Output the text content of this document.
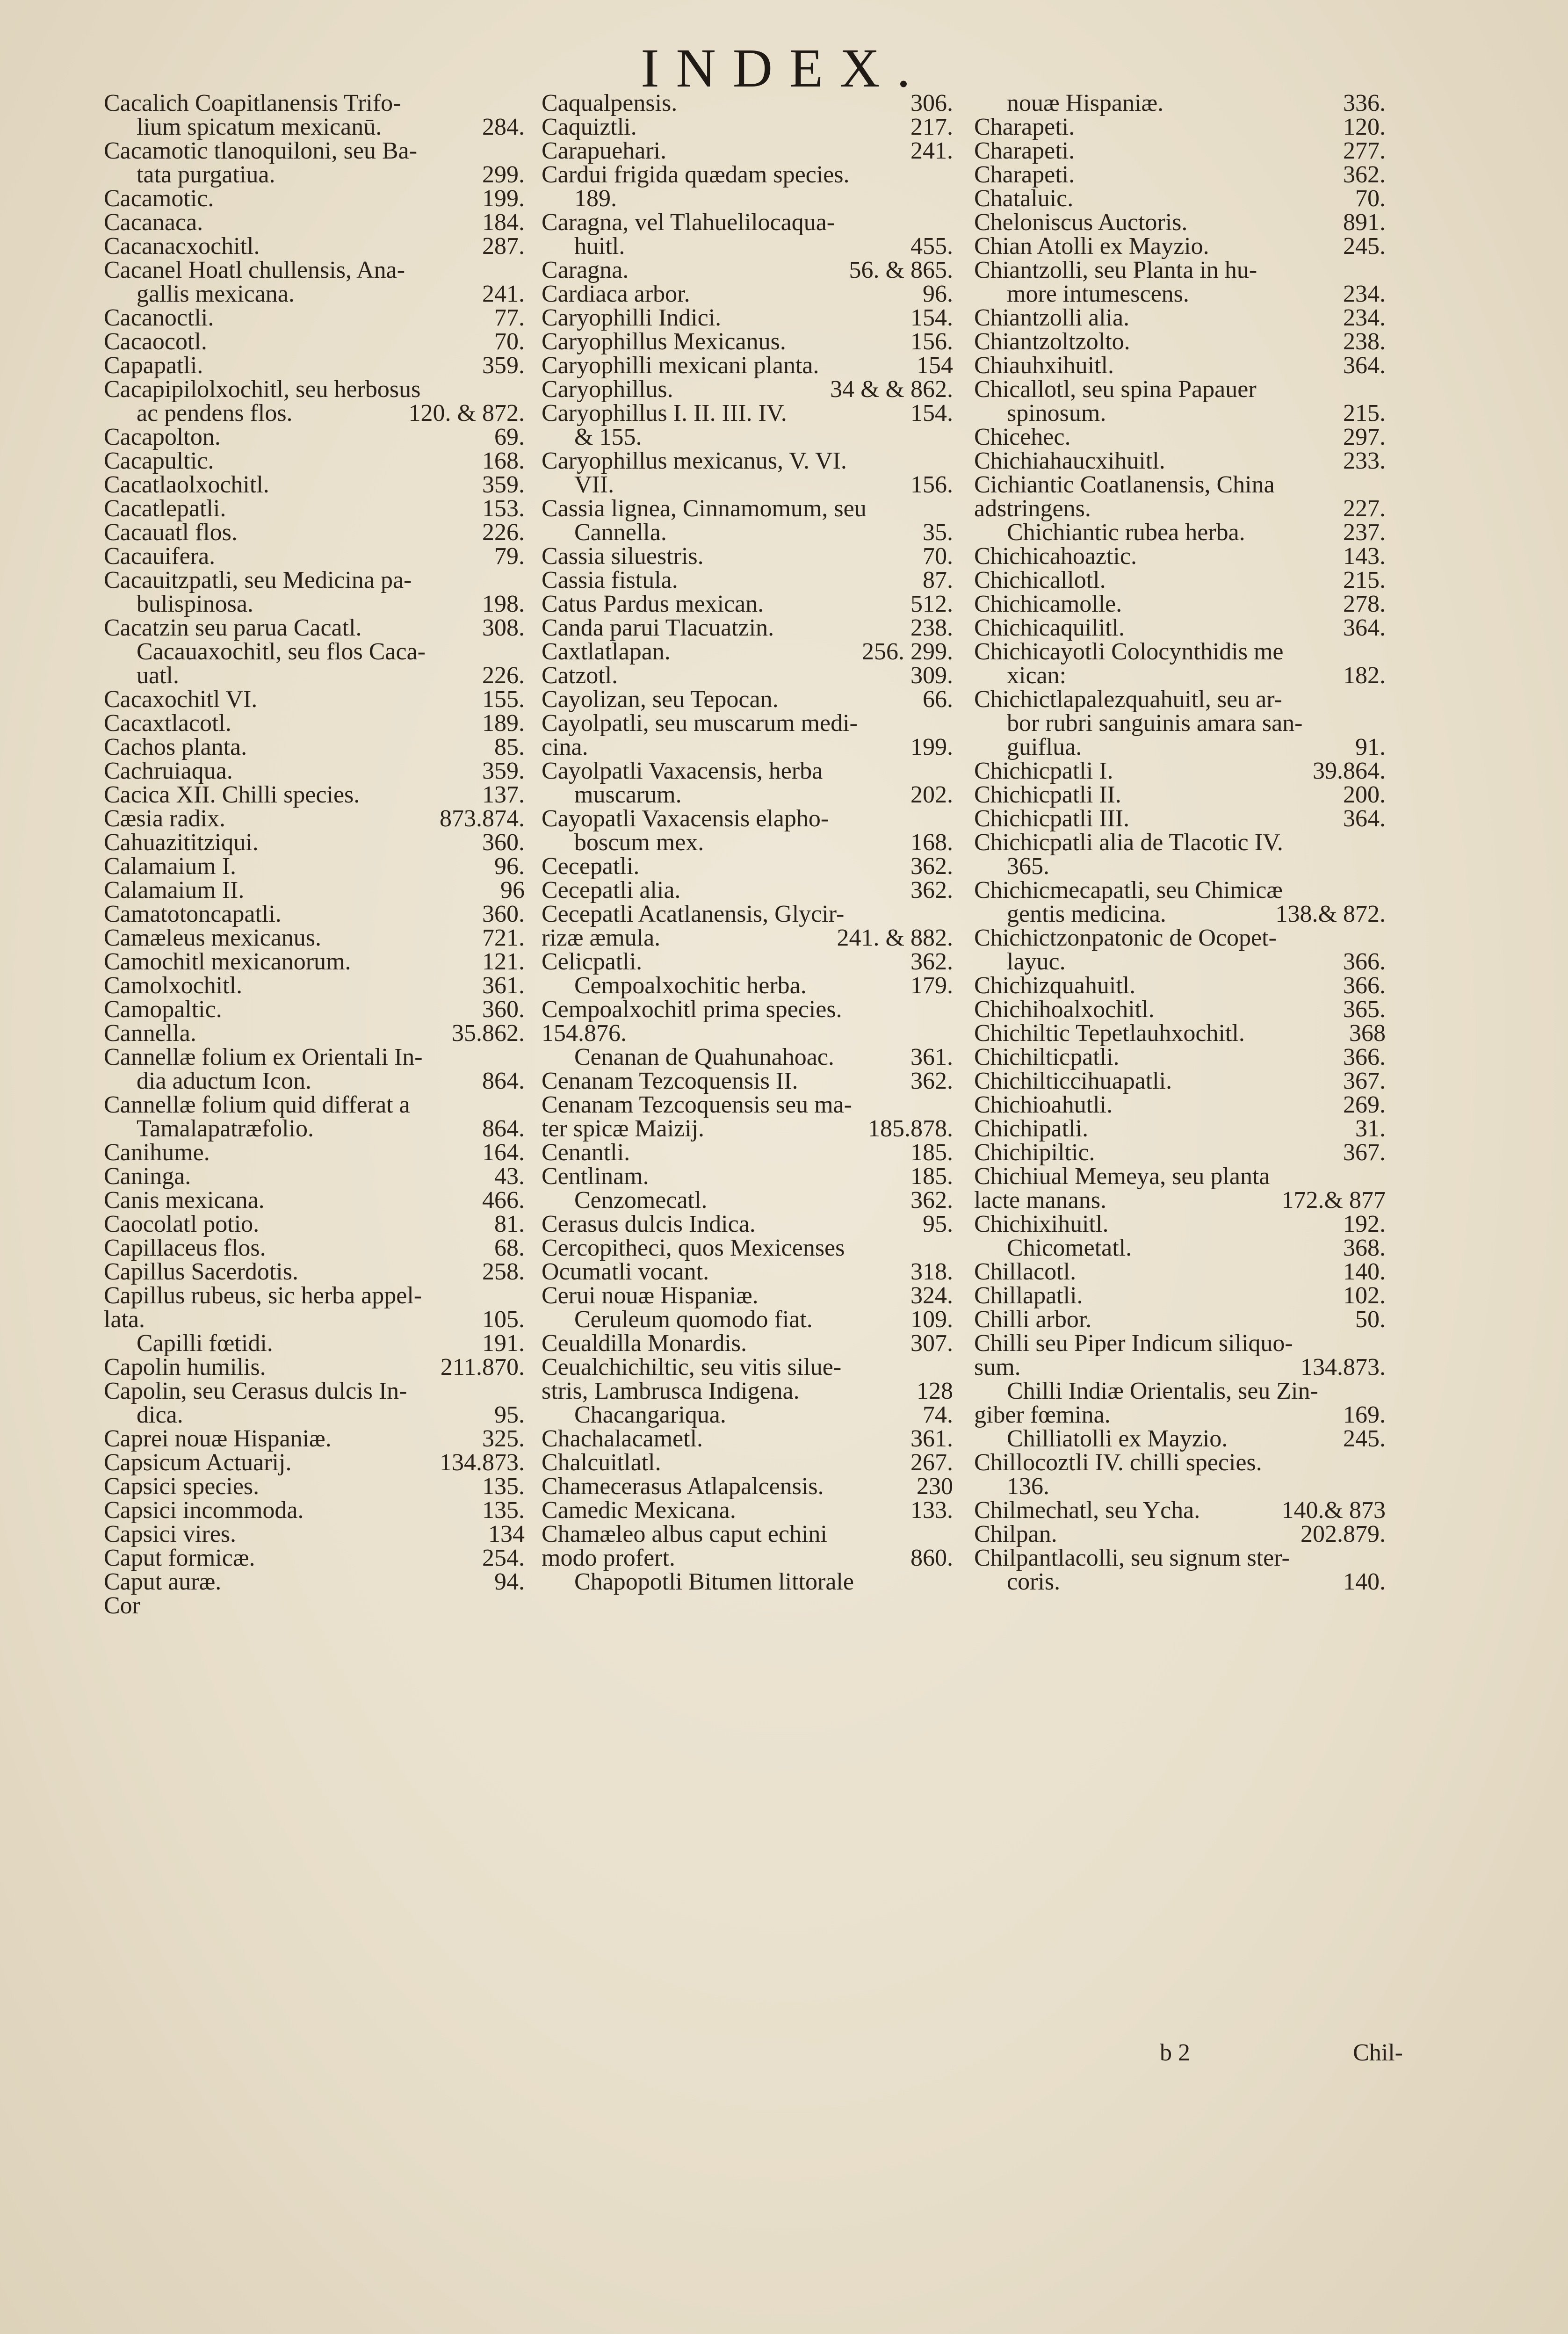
INDEX.
Cacalich Coapitlanensis Trifo-
lium spicatum mexicanū.	284.
Cacamotic tlanoquiloni, seu Ba-
tata purgatiua.	299.
Cacamotic.	199.
Cacanaca.	184.
Cacanacxochitl.	287.
Cacanel Hoatl chullensis, Ana-
gallis mexicana.	241.
Cacanoctli.	77.
Cacaocotl.	70.
Capapatli.	359.
Cacapipilolxochitl, seu herbosus
ac pendens flos.	120. & 872.
Cacapolton.	69.
Cacapultic.	168.
Cacatlaolxochitl.	359.
Cacatlepatli.	153.
Cacauatl flos.	226.
Cacauifera.	79.
Cacauitzpatli, seu Medicina pa-
bulispinosa.	198.
Cacatzin seu parua Cacatl.	308.
Cacauaxochitl, seu flos Caca-
uatl.	226.
Cacaxochitl VI.	155.
Cacaxtlacotl.	189.
Cachos planta.	85.
Cachruiaqua.	359.
Cacica XII. Chilli species.	137.
Cæsia radix.	873.874.
Cahuazititziqui.	360.
Calamaium I.	96.
Calamaium II.	96
Camatotoncapatli.	360.
Camæleus mexicanus.	721.
Camochitl mexicanorum.	121.
Camolxochitl.	361.
Camopaltic.	360.
Cannella.	35.862.
Cannellæ folium ex Orientali In-
dia aductum Icon.	864.
Cannellæ folium quid differat a
Tamalapatræfolio.	864.
Canihume.	164.
Caninga.	43.
Canis mexicana.	466.
Caocolatl potio.	81.
Capillaceus flos.	68.
Capillus Sacerdotis.	258.
Capillus rubeus, sic herba appel-
lata.	105.
Capilli fœtidi.	191.
Capolin humilis.	211.870.
Capolin, seu Cerasus dulcis In-
dica.	95.
Caprei nouæ Hispaniæ.	325.
Capsicum Actuarij.	134.873.
Capsici species.	135.
Capsici incommoda.	135.
Capsici vires.	134
Caput formicæ.	254.
Caput auræ.	94.
Cor
Caqualpensis.	306.
Caquiztli.	217.
Carapuehari.	241.
Cardui frigida quædam species.
189.
Caragna, vel Tlahuelilocaqua-
huitl.	455.
Caragna.	56. & 865.
Cardiaca arbor.	96.
Caryophilli Indici.	154.
Caryophillus Mexicanus.	156.
Caryophilli mexicani planta.	154
Caryophillus.	34 & & 862.
Caryophillus I. II. III. IV.	154.
& 155.
Caryophillus mexicanus, V. VI.
VII.	156.
Cassia lignea, Cinnamomum, seu
Cannella.	35.
Cassia siluestris.	70.
Cassia fistula.	87.
Catus Pardus mexican.	512.
Canda parui Tlacuatzin.	238.
Caxtlatlapan.	256. 299.
Catzotl.	309.
Cayolizan, seu Tepocan.	66.
Cayolpatli, seu muscarum medi-
cina.	199.
Cayolpatli Vaxacensis, herba
muscarum.	202.
Cayopatli Vaxacensis elapho-
boscum mex.	168.
Cecepatli.	362.
Cecepatli alia.	362.
Cecepatli Acatlanensis, Glycir-
rizæ æmula.	241. & 882.
Celicpatli.	362.
Cempoalxochitic herba.	179.
Cempoalxochitl prima species.
154.876.
Cenanan de Quahunahoac.	361.
Cenanam Tezcoquensis II.	362.
Cenanam Tezcoquensis seu ma-
ter spicæ Maizij.	185.878.
Cenantli.	185.
Centlinam.	185.
Cenzomecatl.	362.
Cerasus dulcis Indica.	95.
Cercopitheci, quos Mexicenses
Ocumatli vocant.	318.
Cerui nouæ Hispaniæ.	324.
Ceruleum quomodo fiat.	109.
Ceualdilla Monardis.	307.
Ceualchichiltic, seu vitis silue-
stris, Lambrusca Indigena.	128
Chacangariqua.	74.
Chachalacametl.	361.
Chalcuitlatl.	267.
Chamecerasus Atlapalcensis.	230
Camedic Mexicana.	133.
Chamæleo albus caput echini
modo profert.	860.
Chapopotli Bitumen littorale
nouæ Hispaniæ.	336.
Charapeti.	120.
Charapeti.	277.
Charapeti.	362.
Chataluic.	70.
Cheloniscus Auctoris.	891.
Chian Atolli ex Mayzio.	245.
Chiantzolli, seu Planta in hu-
more intumescens.	234.
Chiantzolli alia.	234.
Chiantzoltzolto.	238.
Chiauhxihuitl.	364.
Chicallotl, seu spina Papauer
spinosum.	215.
Chicehec.	297.
Chichiahaucxihuitl.	233.
Cichiantic Coatlanensis, China
adstringens.	227.
Chichiantic rubea herba.	237.
Chichicahoaztic.	143.
Chichicallotl.	215.
Chichicamolle.	278.
Chichicaquilitl.	364.
Chichicayotli Colocynthidis me
xican:	182.
Chichictlapalezquahuitl, seu ar-
bor rubri sanguinis amara san-
guiflua.	91.
Chichicpatli I.	39.864.
Chichicpatli II.	200.
Chichicpatli III.	364.
Chichicpatli alia de Tlacotic IV.
365.
Chichicmecapatli, seu Chimicæ
gentis medicina.	138.& 872.
Chichictzonpatonic de Ocopet-
layuc.	366.
Chichizquahuitl.	366.
Chichihoalxochitl.	365.
Chichiltic Tepetlauhxochitl.	368
Chichilticpatli.	366.
Chichilticcihuapatli.	367.
Chichioahutli.	269.
Chichipatli.	31.
Chichipiltic.	367.
Chichiual Memeya, seu planta
lacte manans.	172.& 877
Chichixihuitl.	192.
Chicometatl.	368.
Chillacotl.	140.
Chillapatli.	102.
Chilli arbor.	50.
Chilli seu Piper Indicum siliquo-
sum.	134.873.
Chilli Indiæ Orientalis, seu Zin-
giber fœmina.	169.
Chilliatolli ex Mayzio.	245.
Chillocoztli IV. chilli species.
136.
Chilmechatl, seu Ycha.	140.& 873
Chilpan.	202.879.
Chilpantlacolli, seu signum ster-
coris.	140.
b 2	Chil-
